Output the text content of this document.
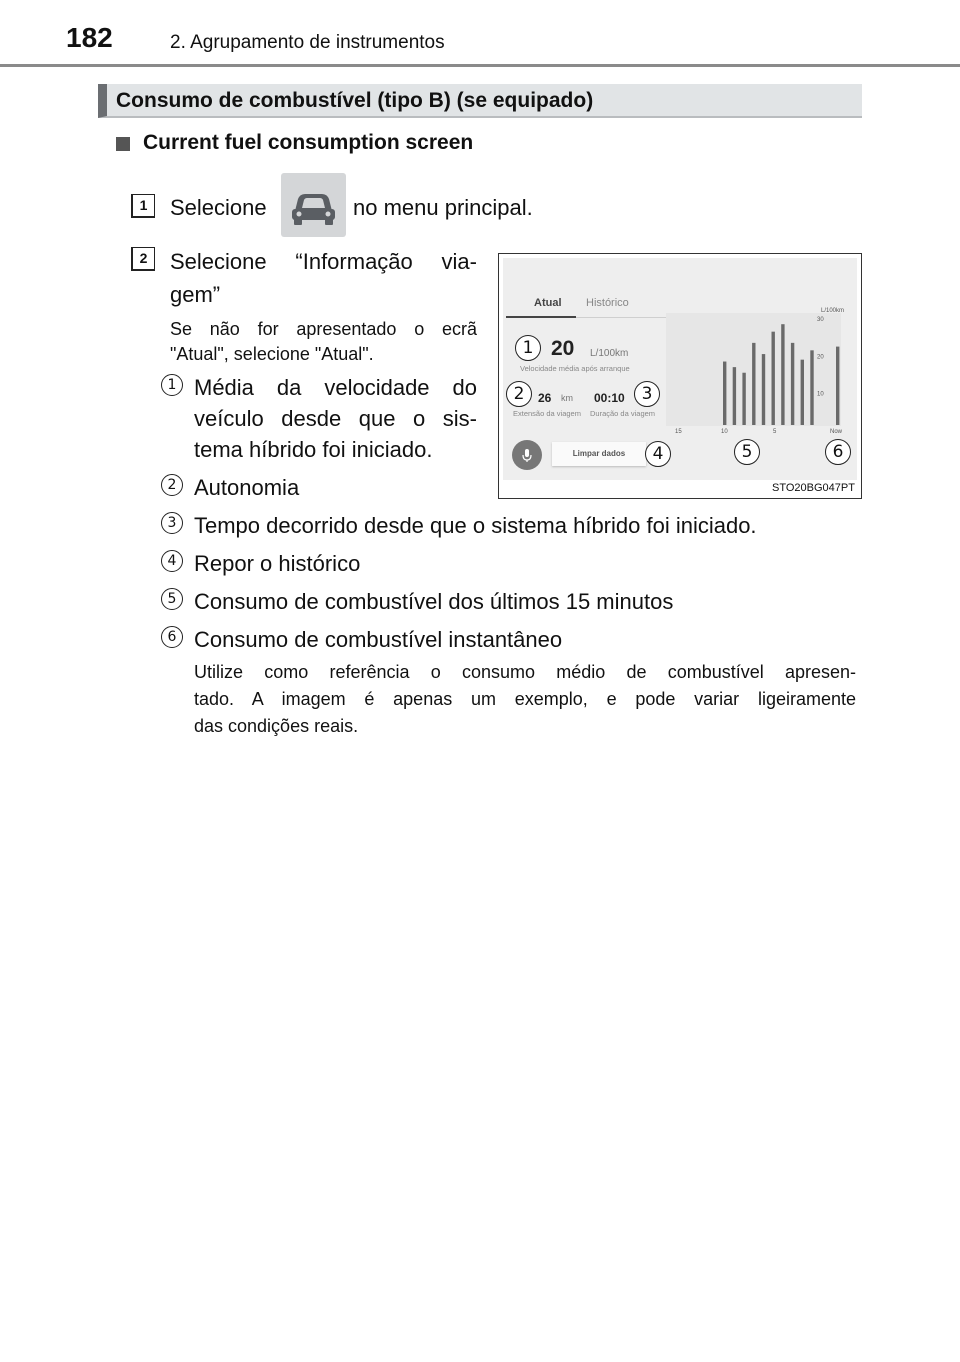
182	2. Agrupamento de instrumentos
Consumo de combustível (tipo B) (se equipado)
Current fuel consumption screen
1	Selecione	no menu principal.
2	Selecione “Informação via-
gem”
Se não for apresentado o ecrã
"Atual", selecione "Atual".
1 Média da velocidade do
veículo desde que o sis-
tema híbrido foi iniciado.
2 Autonomia
3 Tempo decorrido desde que o sistema híbrido foi iniciado.
4 Repor o histórico
5 Consumo de combustível dos últimos 15 minutos
6 Consumo de combustível instantâneo
Utilize como referência o consumo médio de combustível apresen-
tado. A imagem é apenas um exemplo, e pode variar ligeiramente
das condições reais.
Atual Histórico
20 L/100km
Velocidade média após arranque
26 km
Extensão da viagem
00:10
Duração da viagem
Limpar dados
L/100km
30
20
10
15	10	5	Now
STO20BG047PT
1
2	3
4	5	6
